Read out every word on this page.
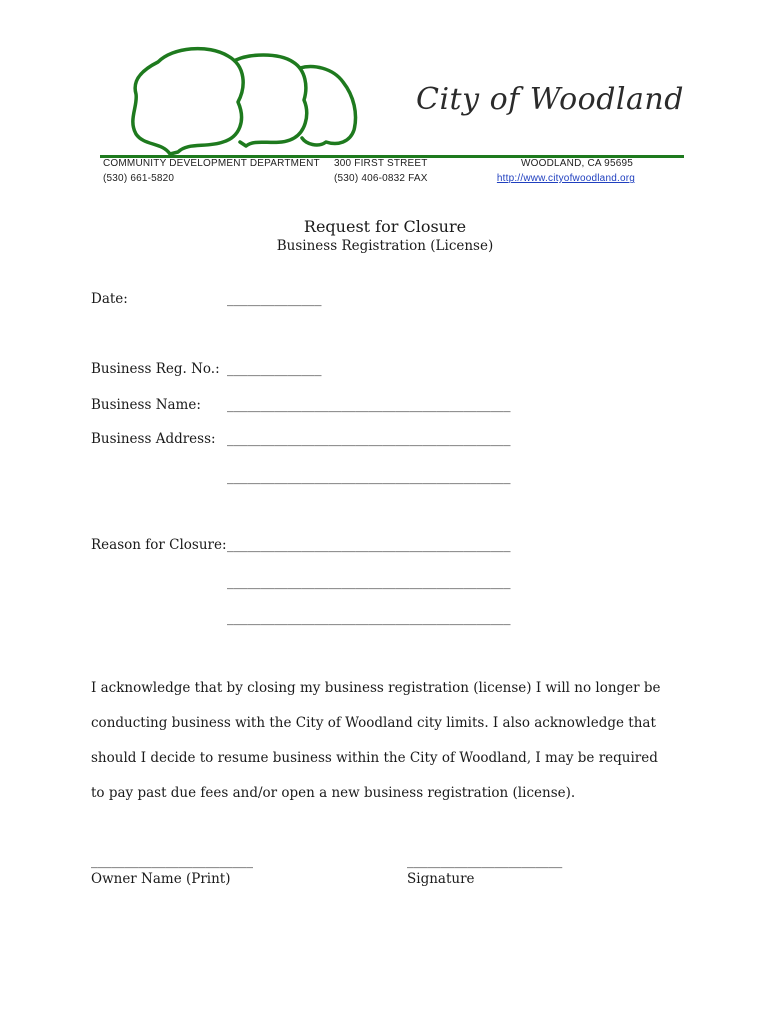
City of Woodland
COMMUNITY DEVELOPMENT DEPARTMENT
(530) 661-5820
300 FIRST STREET
(530) 406-0832 FAX
WOODLAND, CA 95695
http://www.cityofwoodland.org
Request for Closure
Business Registration (License)
Date:	______________
Business Reg. No.: ______________
Business Name: __________________________________________
Business Address: __________________________________________
__________________________________________
Reason for Closure: __________________________________________
__________________________________________
__________________________________________
I acknowledge that by closing my business registration (license) I will no longer be
conducting business with the City of Woodland city limits. I also acknowledge that
should I decide to resume business within the City of Woodland, I may be required
to pay past due fees and/or open a new business registration (license).
________________________
Owner Name (Print)
_______________________
Signature
